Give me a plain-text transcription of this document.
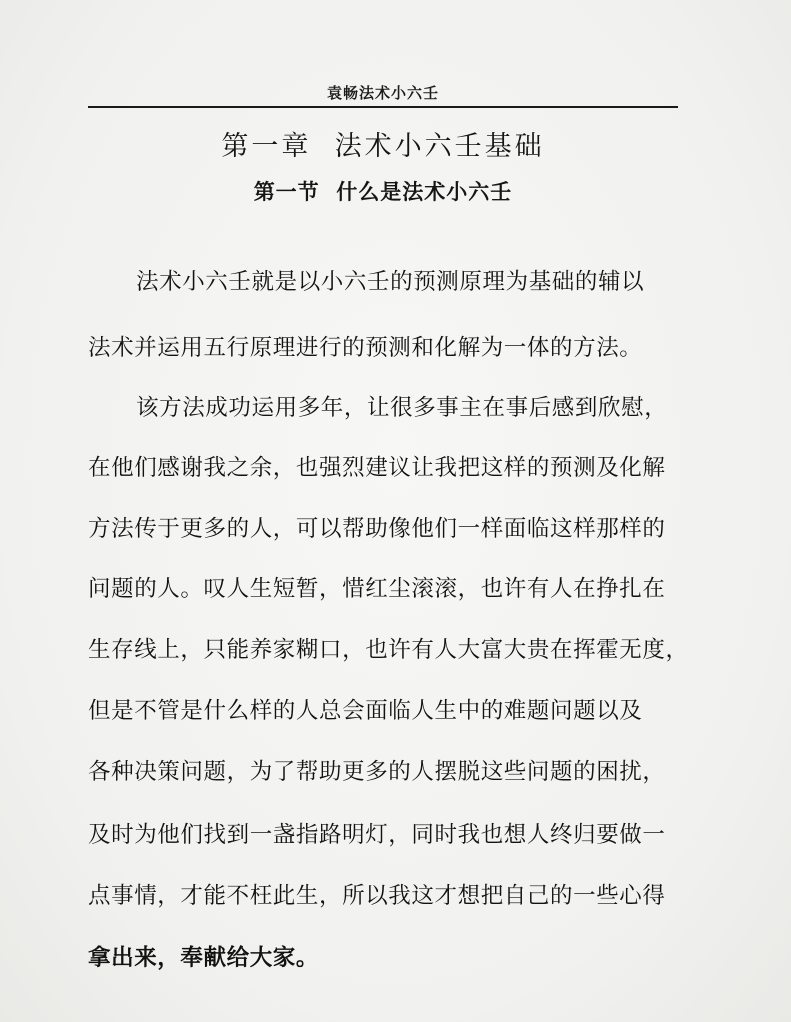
袁畅法术小六壬
第一章  法术小六壬基础
第一节  什么是法术小六壬
法术小六壬就是以小六壬的预测原理为基础的辅以
法术并运用五行原理进行的预测和化解为一体的方法。
该方法成功运用多年，让很多事主在事后感到欣慰，
在他们感谢我之余，也强烈建议让我把这样的预测及化解
方法传于更多的人，可以帮助像他们一样面临这样那样的
问题的人。叹人生短暂，惜红尘滚滚，也许有人在挣扎在
生存线上，只能养家糊口，也许有人大富大贵在挥霍无度，
但是不管是什么样的人总会面临人生中的难题问题以及
各种决策问题，为了帮助更多的人摆脱这些问题的困扰，
及时为他们找到一盏指路明灯，同时我也想人终归要做一
点事情，才能不枉此生，所以我这才想把自己的一些心得
拿出来，奉献给大家。
